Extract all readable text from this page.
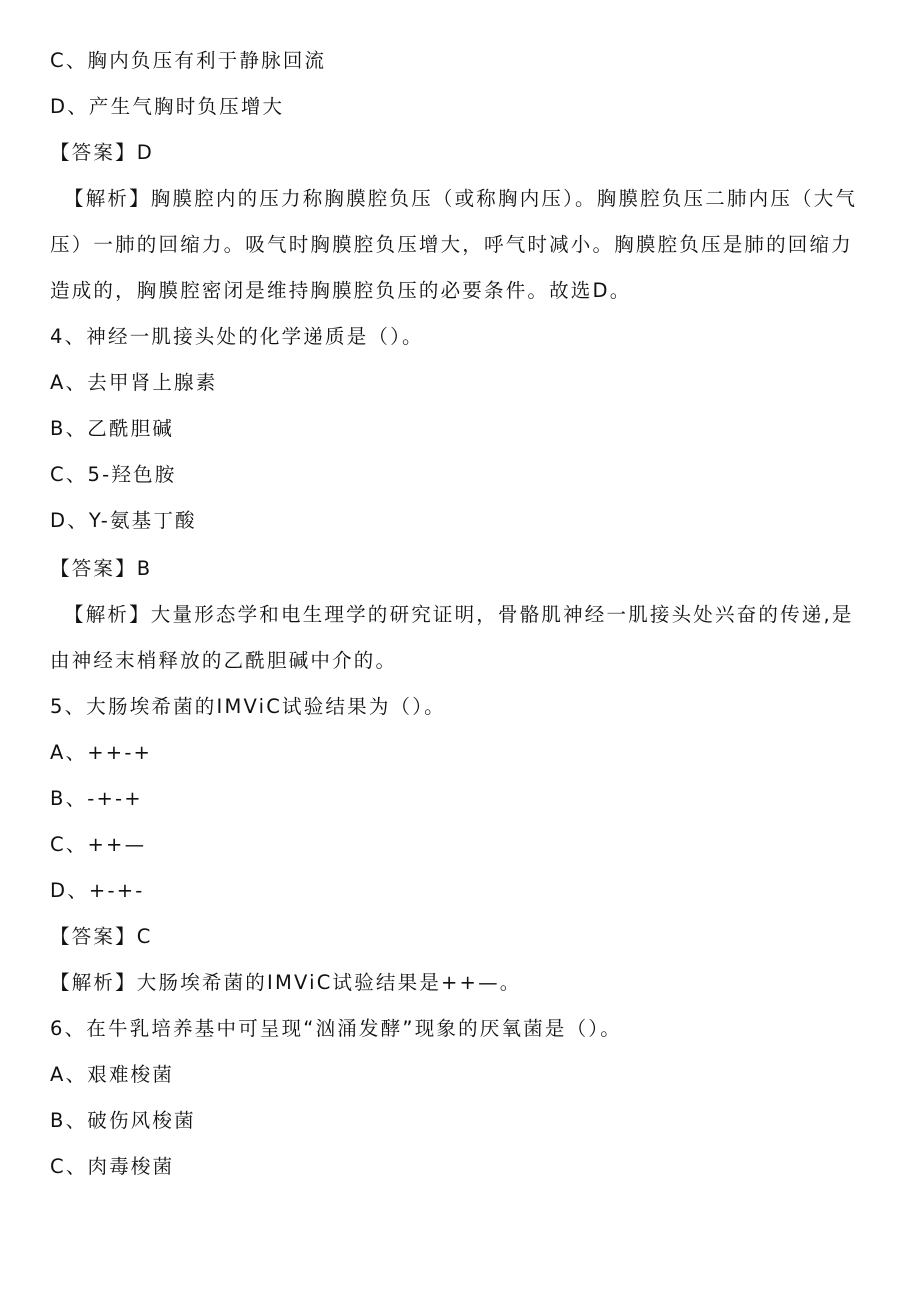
C、胸内负压有利于静脉回流
D、产生气胸时负压增大
【答案】D
【解析】胸膜腔内的压力称胸膜腔负压（或称胸内压）。胸膜腔负压二肺内压（大气
压）一肺的回缩力。吸气时胸膜腔负压增大，呼气时减小。胸膜腔负压是肺的回缩力
造成的，胸膜腔密闭是维持胸膜腔负压的必要条件。故选D。
4、神经一肌接头处的化学递质是（）。
A、去甲肾上腺素
B、乙酰胆碱
C、5-羟色胺
D、Y-氨基丁酸
【答案】B
【解析】大量形态学和电生理学的研究证明，骨骼肌神经一肌接头处兴奋的传递,是
由神经末梢释放的乙酰胆碱中介的。
5、大肠埃希菌的IMViC试验结果为（）。
A、++-+
B、-+-+
C、++—
D、+-+-
【答案】C
【解析】大肠埃希菌的IMViC试验结果是++—。
6、在牛乳培养基中可呈现“汹涌发酵”现象的厌氧菌是（）。
A、艰难梭菌
B、破伤风梭菌
C、肉毒梭菌
